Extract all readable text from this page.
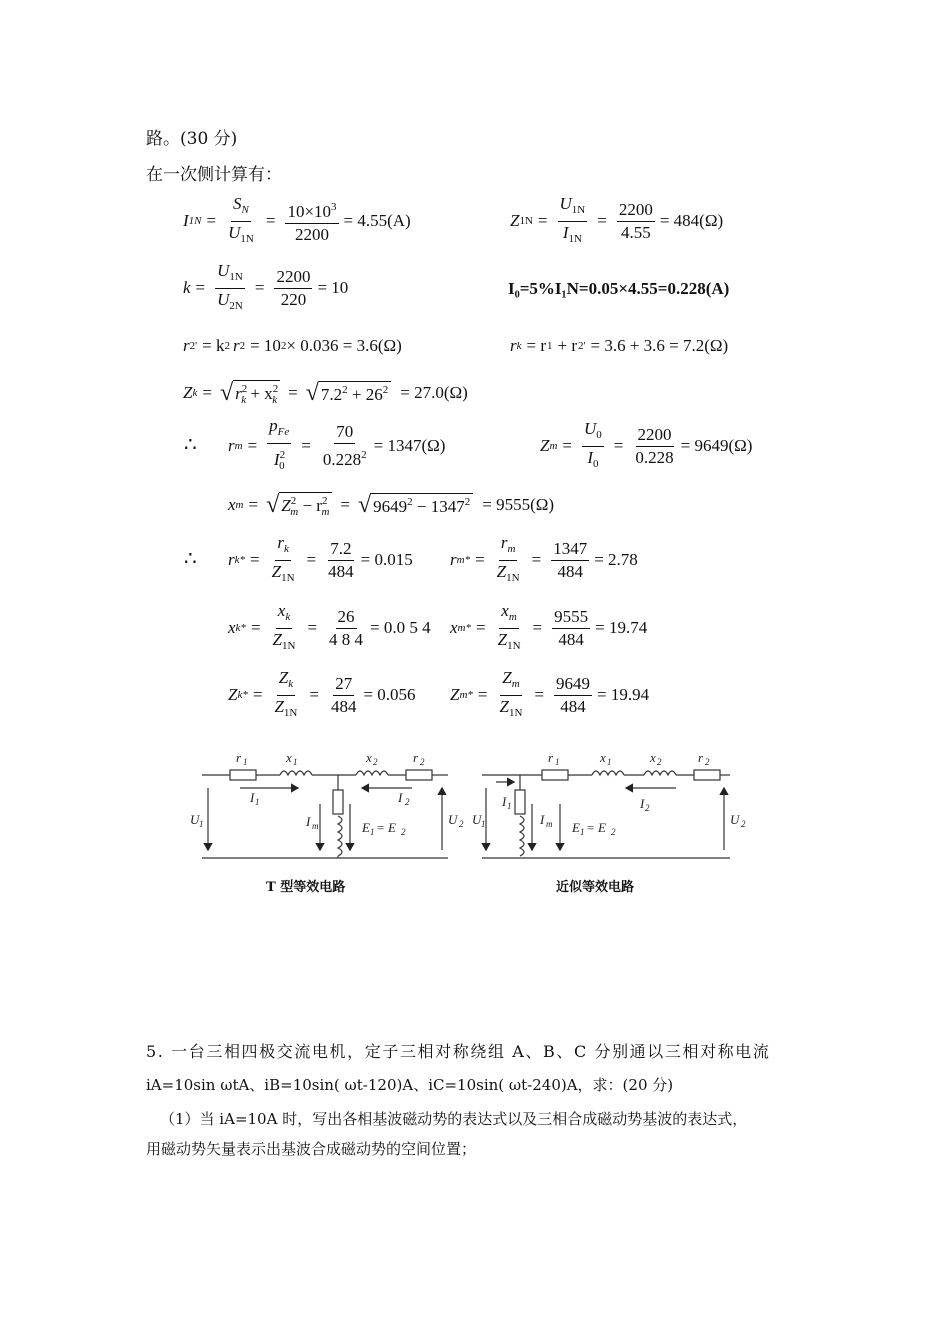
路。(30 分)
在一次侧计算有：
I $1N = \frac{S_N}{U_{1N}} = \frac{10\times 10^3}{2200} = 4.55(A)$	Z $1N = \frac{U_{1N}}{I_{1N}} = \frac{2200}{4.55} = 484(\Omega)$
$k = \frac{U_{1N}}{U_{2N}} = \frac{2200}{220} = 10$	I₀=5%I₁N=0.05×4.55=0.228(A)
r 2 ' = k 2 r 2 = 10 2 × 0.036 = 3.6(Ω)	r k = r 1 + r 2 ' = 3.6 + 3.6 = 7.2(Ω)
Z k = √ $r^2_k + x^2_k$ = √ $7.2^2 + 26^2 = 27.0(\Omega)$
∴ r $m = \frac{p_{Fe}}{I^2_0} = \frac{70}{0.228^2} = 1347(\Omega)$	Z $m = \frac{U_0}{I_0} = \frac{2200}{0.228} = 9649(\Omega)$
x m = √ $Z^2_m - r^2_m$ = √ $9649^2 - 1347^2 = 9555(\Omega)$
∴ r $k* = \frac{r_k}{Z_{1N}} = \frac{7.2}{484} = 0.015$ r $m* = \frac{r_m}{Z_{1N}} = \frac{1347}{484} = 2.78$
x $k* = \frac{x_k}{Z_{1N}} = \frac{26}{4 8 4} = 0.0$ 5 4 x $m* = \frac{x_m}{Z_{1N}} = \frac{9555}{484} = 19.74$
Z $k* = \frac{Z_k}{Z_{1N}} = \frac{27}{484} = 0.056$ Z $m* = \frac{Z_m}{Z_{1N}} = \frac{9649}{484} = 19.94$
r 1	x 1	x 2	r 2
I 1	I 2
I m
U 1	U 2
E 1 = E 2
r 1	x 1	x 2	r 2
I 1	I 2
I m
U 1	U 2
E 1 = E 2
T 型等效电路	近似等效电路
5. 一台三相四极交流电机，定子三相对称绕组 A、B、C 分别通以三相对称电流
iA=10sin ωtA、iB=10sin( ωt-120)A、iC=10sin( ωt-240)A，求：(20 分)
（1）当 iA=10A 时，写出各相基波磁动势的表达式以及三相合成磁动势基波的表达式，
用磁动势矢量表示出基波合成磁动势的空间位置；
